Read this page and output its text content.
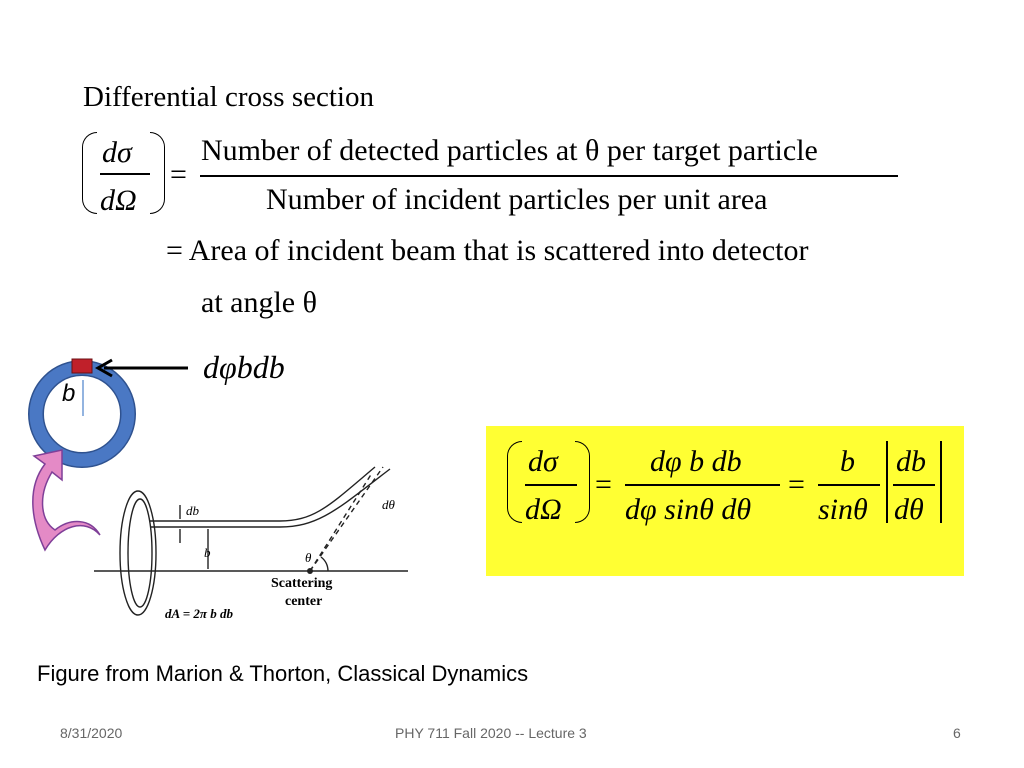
Differential cross section
dσ
dΩ
=
Number of detected particles at θ per target particle
Number of incident particles per unit area
= Area of incident beam that is scattered into detector
at angle θ
dφbdb
b
db
b	θ
dθ
Scattering
center
dA = 2π b db
dσ
dΩ
=
dφ b db
dφ sinθ dθ
=
b
sinθ
db
dθ
Figure from Marion & Thorton, Classical Dynamics
8/31/2020	PHY 711 Fall 2020 -- Lecture 3	6
